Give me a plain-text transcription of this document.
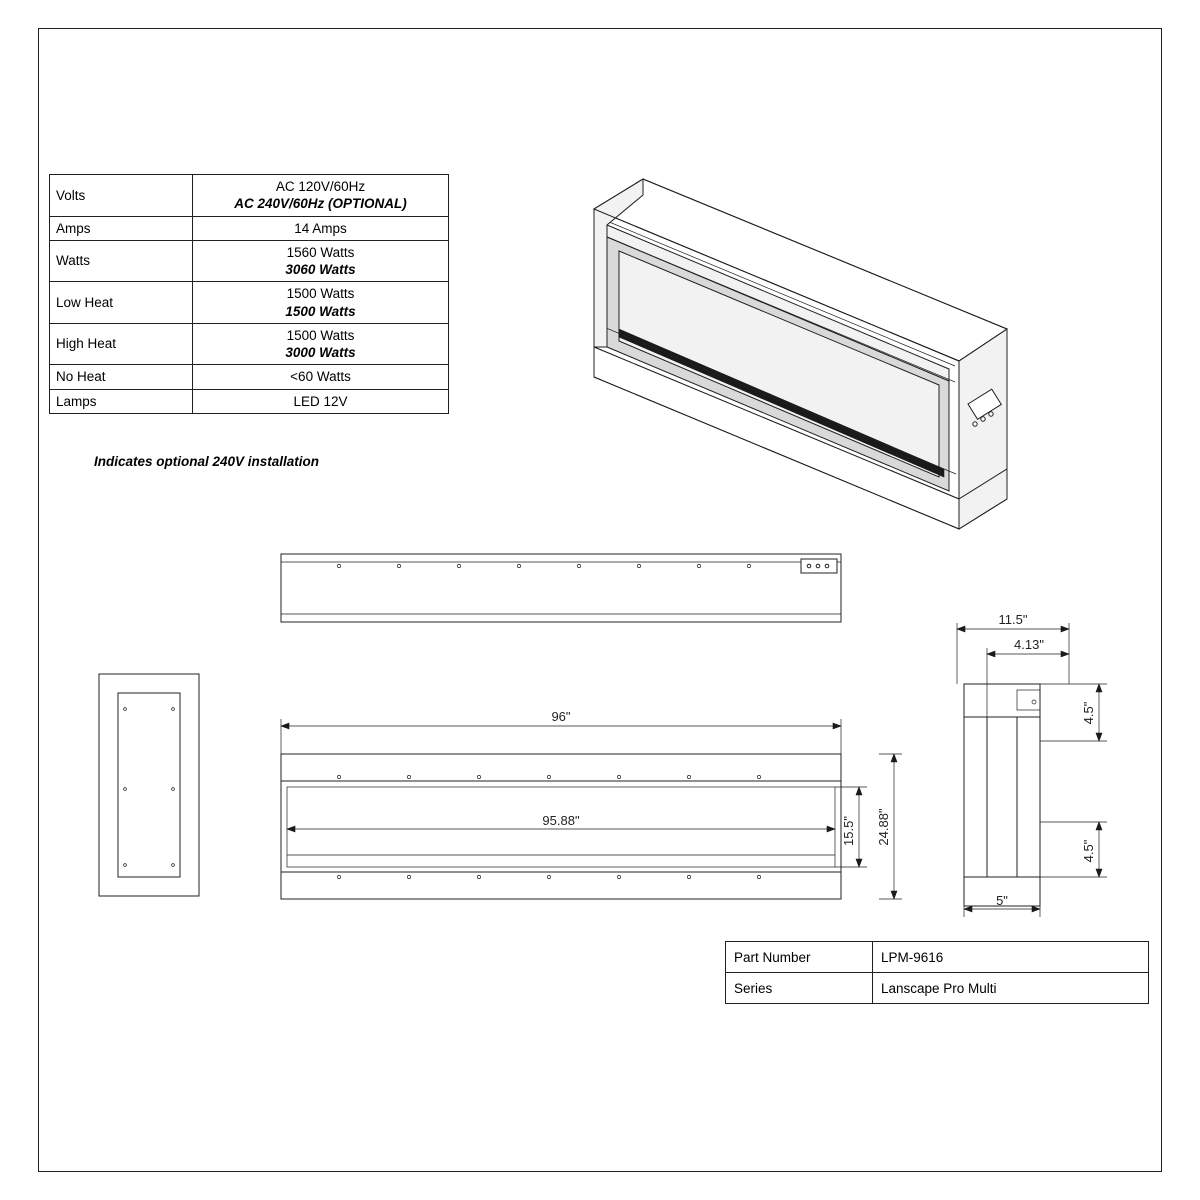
Volts	AC 120V/60Hz
AC 240V/60Hz (OPTIONAL)

Amps	14 Amps
Watts	1560 Watts
3060 Watts

Low Heat	1500 Watts
1500 Watts

High Heat	1500 Watts
3000 Watts

No Heat	<60 Watts
Lamps	LED 12V
Indicates optional 240V installation
Part Number	LPM-9616
Series	Lanscape Pro Multi
96"
95.88"	15.5" 24.88"
11.5"
4.13"
4.5"
4.5"
5"
